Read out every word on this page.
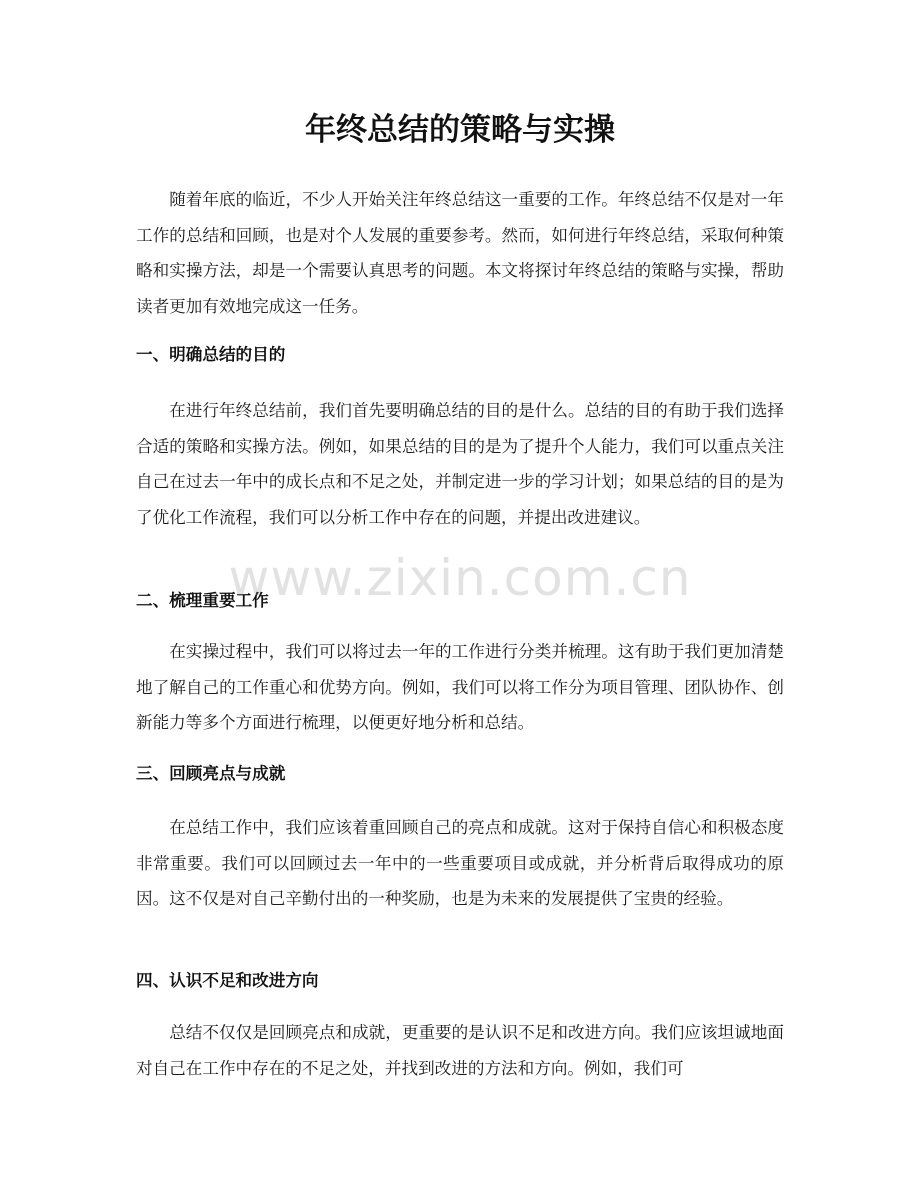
年终总结的策略与实操

随着年底的临近，不少人开始关注年终总结这一重要的工作。年终总结不仅是对一年工作的总结和回顾，也是对个人发展的重要参考。然而，如何进行年终总结，采取何种策略和实操方法，却是一个需要认真思考的问题。本文将探讨年终总结的策略与实操，帮助读者更加有效地完成这一任务。

一、明确总结的目的

在进行年终总结前，我们首先要明确总结的目的是什么。总结的目的有助于我们选择合适的策略和实操方法。例如，如果总结的目的是为了提升个人能力，我们可以重点关注自己在过去一年中的成长点和不足之处，并制定进一步的学习计划；如果总结的目的是为了优化工作流程，我们可以分析工作中存在的问题，并提出改进建议。

二、梳理重要工作

在实操过程中，我们可以将过去一年的工作进行分类并梳理。这有助于我们更加清楚地了解自己的工作重心和优势方向。例如，我们可以将工作分为项目管理、团队协作、创新能力等多个方面进行梳理，以便更好地分析和总结。

三、回顾亮点与成就

在总结工作中，我们应该着重回顾自己的亮点和成就。这对于保持自信心和积极态度非常重要。我们可以回顾过去一年中的一些重要项目或成就，并分析背后取得成功的原因。这不仅是对自己辛勤付出的一种奖励，也是为未来的发展提供了宝贵的经验。

四、认识不足和改进方向

总结不仅仅是回顾亮点和成就，更重要的是认识不足和改进方向。我们应该坦诚地面对自己在工作中存在的不足之处，并找到改进的方法和方向。例如，我们可

www.zixin.com.cn
